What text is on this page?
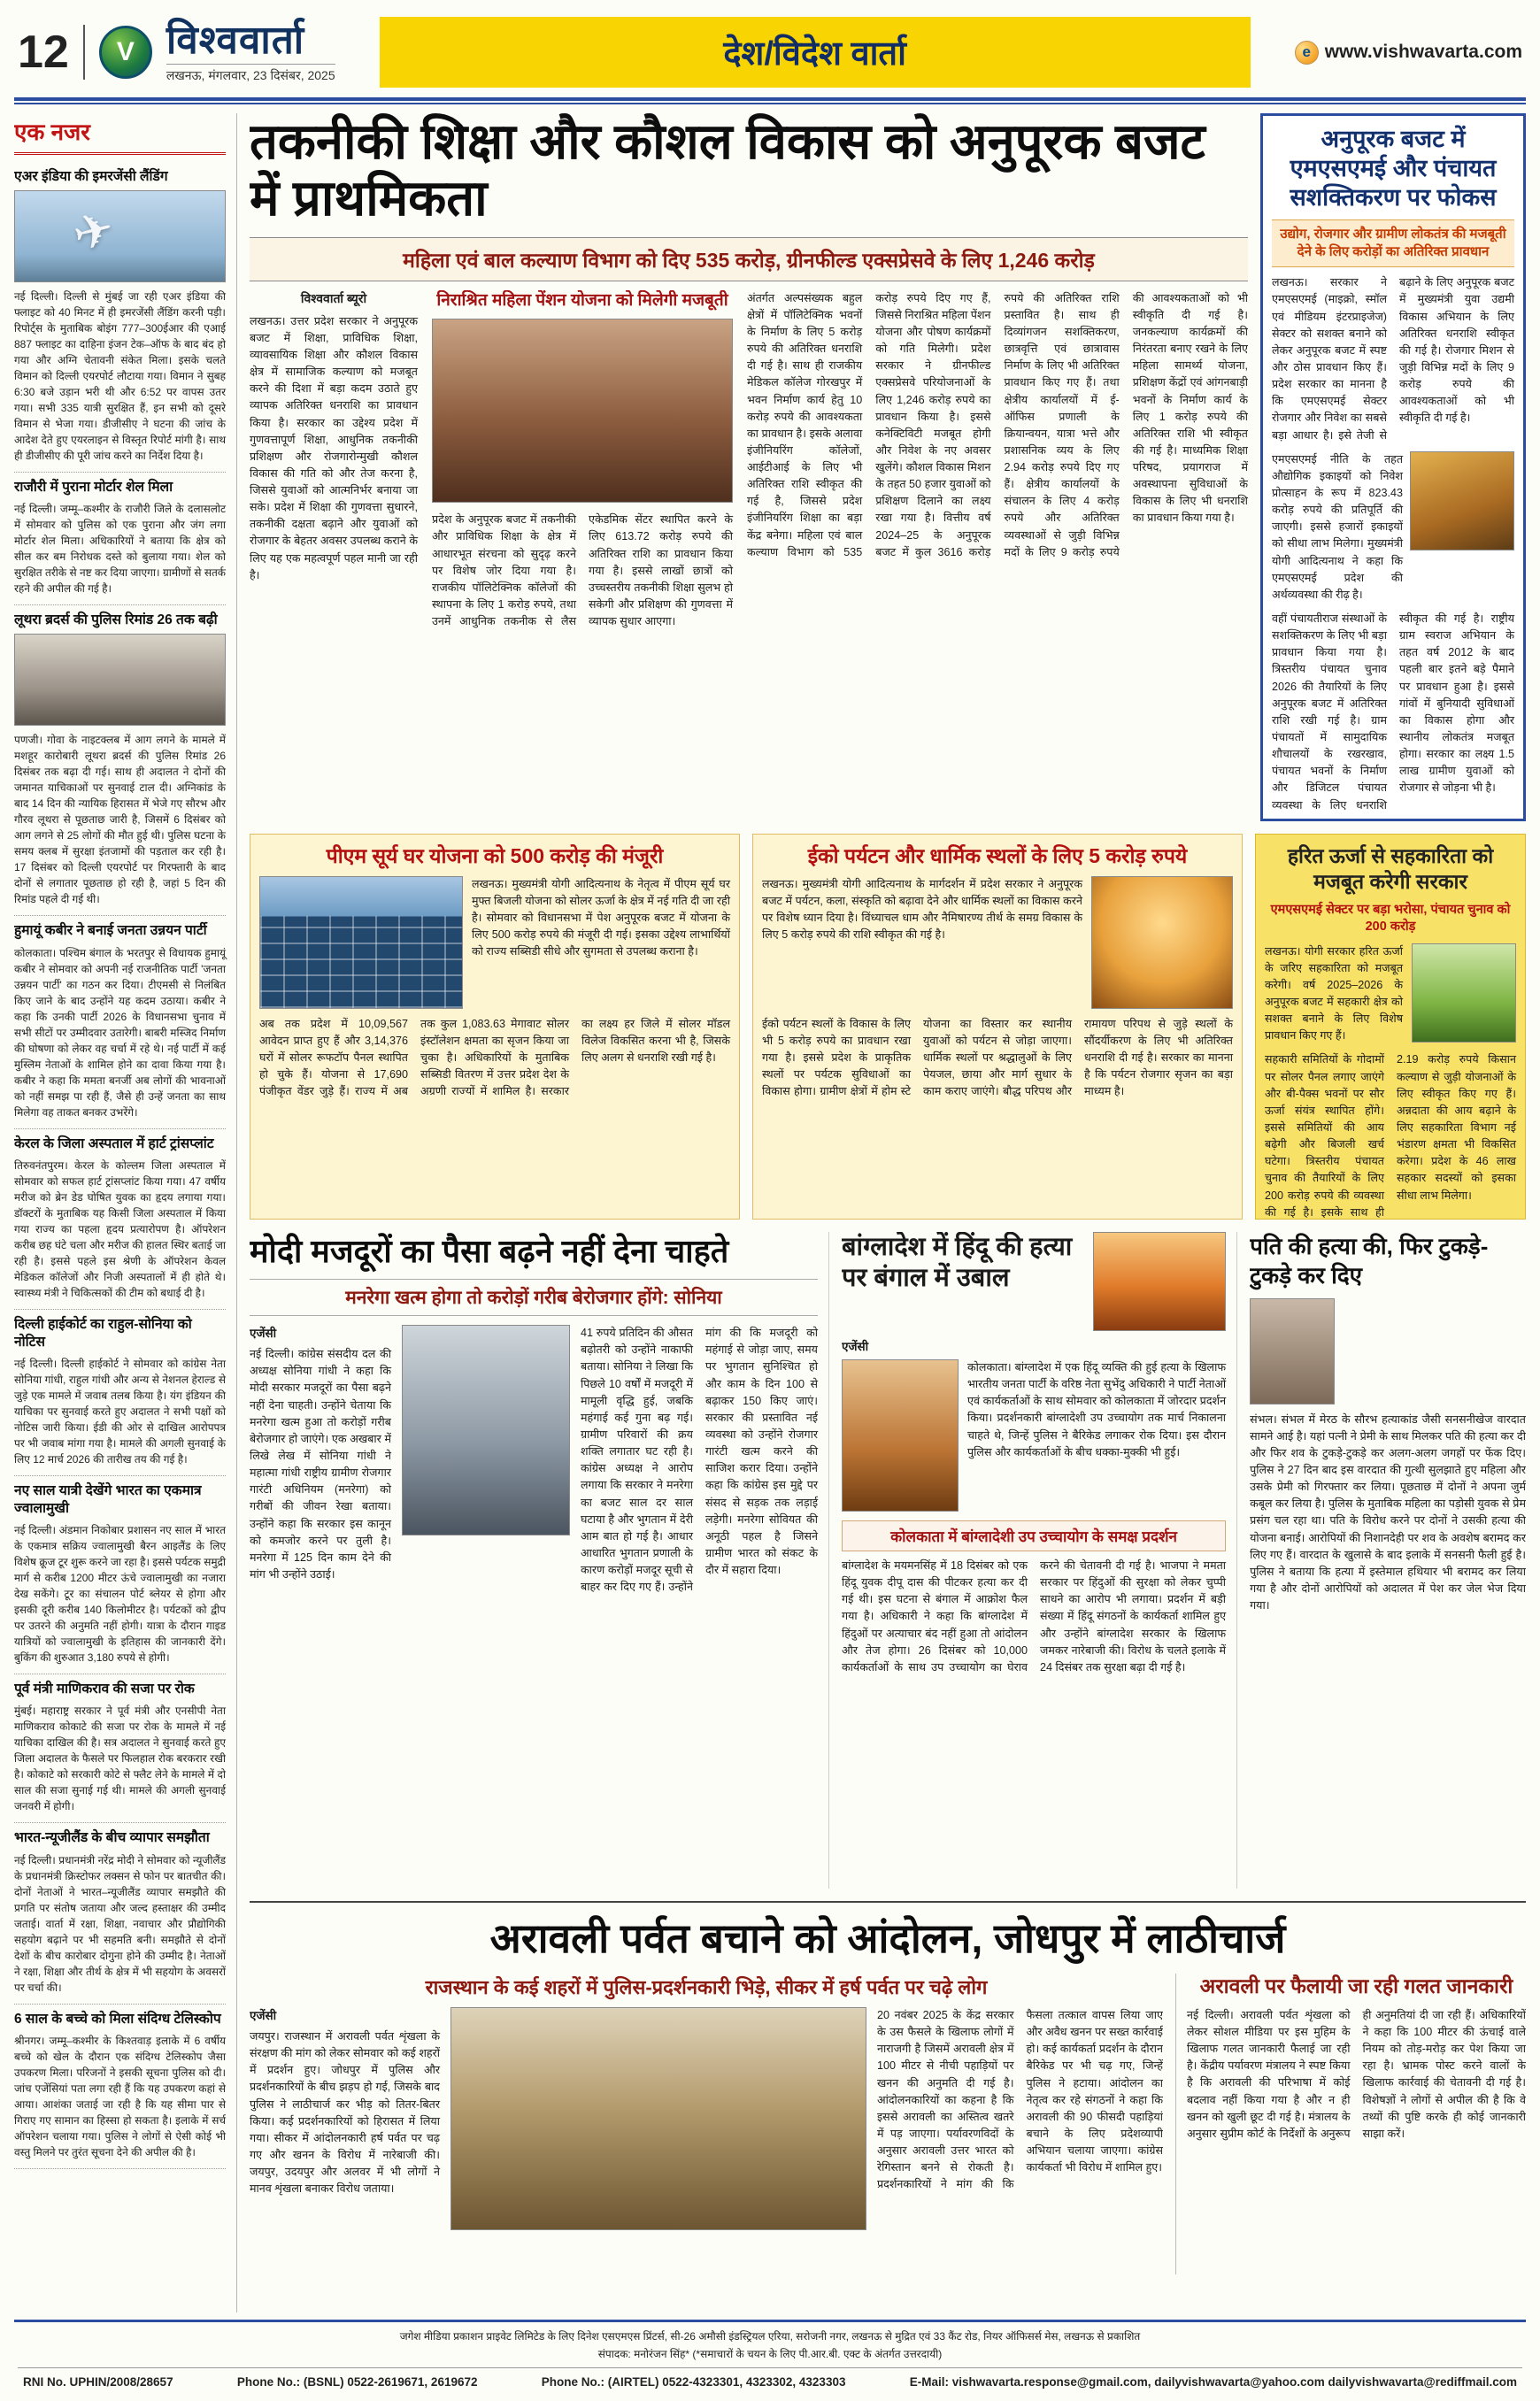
12 V विश्ववार्ता
लखनऊ, मंगलवार, 23 दिसंबर, 2025
देश/विदेश वार्ता	e www.vishwavarta.com
एक नजर
एअर इंडिया की इमरजेंसी लैंडिंग
✈

नई दिल्ली। दिल्ली से मुंबई जा रही एअर इंडिया की फ्लाइट को 40 मिनट में ही इमरजेंसी लैंडिंग करनी पड़ी। रिपोर्ट्स के मुताबिक बोइंग 777–300ईआर की एआई 887 फ्लाइट का दाहिना इंजन टेक–ऑफ के बाद बंद हो गया और अग्नि चेतावनी संकेत मिला। इसके चलते विमान को दिल्ली एयरपोर्ट लौटाया गया। विमान ने सुबह 6:30 बजे उड़ान भरी थी और 6:52 पर वापस उतर गया। सभी 335 यात्री सुरक्षित हैं, इन सभी को दूसरे विमान से भेजा गया। डीजीसीए ने घटना की जांच के आदेश देते हुए एयरलाइन से विस्तृत रिपोर्ट मांगी है। साथ ही डीजीसीए की पूरी जांच करने का निर्देश दिया है।

राजौरी में पुराना मोर्टार शेल मिला

नई दिल्ली। जम्मू–कश्मीर के राजौरी जिले के दलासलोट में सोमवार को पुलिस को एक पुराना और जंग लगा मोर्टार शेल मिला। अधिकारियों ने बताया कि क्षेत्र को सील कर बम निरोधक दस्ते को बुलाया गया। शेल को सुरक्षित तरीके से नष्ट कर दिया जाएगा। ग्रामीणों से सतर्क रहने की अपील की गई है।

लूथरा ब्रदर्स की पुलिस रिमांड 26 तक बढ़ी

पणजी। गोवा के नाइटक्लब में आग लगने के मामले में मशहूर कारोबारी लूथरा ब्रदर्स की पुलिस रिमांड 26 दिसंबर तक बढ़ा दी गई। साथ ही अदालत ने दोनों की जमानत याचिकाओं पर सुनवाई टाल दी। अग्निकांड के बाद 14 दिन की न्यायिक हिरासत में भेजे गए सौरभ और गौरव लूथरा से पूछताछ जारी है, जिसमें 6 दिसंबर को आग लगने से 25 लोगों की मौत हुई थी। पुलिस घटना के समय क्लब में सुरक्षा इंतजामों की पड़ताल कर रही है। 17 दिसंबर को दिल्ली एयरपोर्ट पर गिरफ्तारी के बाद दोनों से लगातार पूछताछ हो रही है, जहां 5 दिन की रिमांड पहले दी गई थी।

हुमायूं कबीर ने बनाई जनता उन्नयन पार्टी

कोलकाता। पश्चिम बंगाल के भरतपुर से विधायक हुमायूं कबीर ने सोमवार को अपनी नई राजनीतिक पार्टी 'जनता उन्नयन पार्टी' का गठन कर दिया। टीएमसी से निलंबित किए जाने के बाद उन्होंने यह कदम उठाया। कबीर ने कहा कि उनकी पार्टी 2026 के विधानसभा चुनाव में सभी सीटों पर उम्मीदवार उतारेगी। बाबरी मस्जिद निर्माण की घोषणा को लेकर वह चर्चा में रहे थे। नई पार्टी में कई मुस्लिम नेताओं के शामिल होने का दावा किया गया है। कबीर ने कहा कि ममता बनर्जी अब लोगों की भावनाओं को नहीं समझ पा रही हैं, जैसे ही उन्हें जनता का साथ मिलेगा वह ताकत बनकर उभरेंगे।

केरल के जिला अस्पताल में हार्ट ट्रांसप्लांट

तिरुवनंतपुरम। केरल के कोल्लम जिला अस्पताल में सोमवार को सफल हार्ट ट्रांसप्लांट किया गया। 47 वर्षीय मरीज को ब्रेन डेड घोषित युवक का हृदय लगाया गया। डॉक्टरों के मुताबिक यह किसी जिला अस्पताल में किया गया राज्य का पहला हृदय प्रत्यारोपण है। ऑपरेशन करीब छह घंटे चला और मरीज की हालत स्थिर बताई जा रही है। इससे पहले इस श्रेणी के ऑपरेशन केवल मेडिकल कॉलेजों और निजी अस्पतालों में ही होते थे। स्वास्थ्य मंत्री ने चिकित्सकों की टीम को बधाई दी है।

दिल्ली हाईकोर्ट का राहुल-सोनिया को नोटिस

नई दिल्ली। दिल्ली हाईकोर्ट ने सोमवार को कांग्रेस नेता सोनिया गांधी, राहुल गांधी और अन्य से नेशनल हेराल्ड से जुड़े एक मामले में जवाब तलब किया है। यंग इंडियन की याचिका पर सुनवाई करते हुए अदालत ने सभी पक्षों को नोटिस जारी किया। ईडी की ओर से दाखिल आरोपपत्र पर भी जवाब मांगा गया है। मामले की अगली सुनवाई के लिए 12 मार्च 2026 की तारीख तय की गई है।

नए साल यात्री देखेंगे भारत का एकमात्र ज्वालामुखी

नई दिल्ली। अंडमान निकोबार प्रशासन नए साल में भारत के एकमात्र सक्रिय ज्वालामुखी बैरन आइलैंड के लिए विशेष क्रूज टूर शुरू करने जा रहा है। इससे पर्यटक समुद्री मार्ग से करीब 1200 मीटर ऊंचे ज्वालामुखी का नजारा देख सकेंगे। टूर का संचालन पोर्ट ब्लेयर से होगा और इसकी दूरी करीब 140 किलोमीटर है। पर्यटकों को द्वीप पर उतरने की अनुमति नहीं होगी। यात्रा के दौरान गाइड यात्रियों को ज्वालामुखी के इतिहास की जानकारी देंगे। बुकिंग की शुरुआत 3,180 रुपये से होगी।

पूर्व मंत्री माणिकराव की सजा पर रोक

मुंबई। महाराष्ट्र सरकार ने पूर्व मंत्री और एनसीपी नेता माणिकराव कोकाटे की सजा पर रोक के मामले में नई याचिका दाखिल की है। सत्र अदालत ने सुनवाई करते हुए जिला अदालत के फैसले पर फिलहाल रोक बरकरार रखी है। कोकाटे को सरकारी कोटे से फ्लैट लेने के मामले में दो साल की सजा सुनाई गई थी। मामले की अगली सुनवाई जनवरी में होगी।

भारत-न्यूजीलैंड के बीच व्यापार समझौता

नई दिल्ली। प्रधानमंत्री नरेंद्र मोदी ने सोमवार को न्यूजीलैंड के प्रधानमंत्री क्रिस्टोफर लक्सन से फोन पर बातचीत की। दोनों नेताओं ने भारत–न्यूजीलैंड व्यापार समझौते की प्रगति पर संतोष जताया और जल्द हस्ताक्षर की उम्मीद जताई। वार्ता में रक्षा, शिक्षा, नवाचार और प्रौद्योगिकी सहयोग बढ़ाने पर भी सहमति बनी। समझौते से दोनों देशों के बीच कारोबार दोगुना होने की उम्मीद है। नेताओं ने रक्षा, शिक्षा और तीर्थ के क्षेत्र में भी सहयोग के अवसरों पर चर्चा की।

6 साल के बच्चे को मिला संदिग्ध टेलिस्कोप

श्रीनगर। जम्मू–कश्मीर के किश्तवाड़ इलाके में 6 वर्षीय बच्चे को खेल के दौरान एक संदिग्ध टेलिस्कोप जैसा उपकरण मिला। परिजनों ने इसकी सूचना पुलिस को दी। जांच एजेंसियां पता लगा रही हैं कि यह उपकरण कहां से आया। आशंका जताई जा रही है कि यह सीमा पार से गिराए गए सामान का हिस्सा हो सकता है। इलाके में सर्च ऑपरेशन चलाया गया। पुलिस ने लोगों से ऐसी कोई भी वस्तु मिलने पर तुरंत सूचना देने की अपील की है।

तकनीकी शिक्षा और कौशल विकास को अनुपूरक बजट में प्राथमिकता
महिला एवं बाल कल्याण विभाग को दिए 535 करोड़, ग्रीनफील्ड एक्सप्रेसवे के लिए 1,246 करोड़
विश्ववार्ता ब्यूरो

लखनऊ। उत्तर प्रदेश सरकार ने अनुपूरक बजट में शिक्षा, प्राविधिक शिक्षा, व्यावसायिक शिक्षा और कौशल विकास क्षेत्र में सामाजिक कल्याण को मजबूत करने की दिशा में बड़ा कदम उठाते हुए व्यापक अतिरिक्त धनराशि का प्रावधान किया है। सरकार का उद्देश्य प्रदेश में गुणवत्तापूर्ण शिक्षा, आधुनिक तकनीकी प्रशिक्षण और रोजगारोन्मुखी कौशल विकास की गति को और तेज करना है, जिससे युवाओं को आत्मनिर्भर बनाया जा सके। प्रदेश में शिक्षा की गुणवत्ता सुधारने, तकनीकी दक्षता बढ़ाने और युवाओं को रोजगार के बेहतर अवसर उपलब्ध कराने के लिए यह एक महत्वपूर्ण पहल मानी जा रही है।

निराश्रित महिला पेंशन योजना को मिलेगी मजबूती

प्रदेश के अनुपूरक बजट में तकनीकी और प्राविधिक शिक्षा के क्षेत्र में आधारभूत संरचना को सुदृढ़ करने पर विशेष जोर दिया गया है। राजकीय पॉलिटेक्निक कॉलेजों की स्थापना के लिए 1 करोड़ रुपये, तथा उनमें आधुनिक तकनीक से लैस एकेडमिक सेंटर स्थापित करने के लिए 613.72 करोड़ रुपये की अतिरिक्त राशि का प्रावधान किया गया है। इससे लाखों छात्रों को उच्चस्तरीय तकनीकी शिक्षा सुलभ हो सकेगी और प्रशिक्षण की गुणवत्ता में व्यापक सुधार आएगा।

अंतर्गत अल्पसंख्यक बहुल क्षेत्रों में पॉलिटेक्निक भवनों के निर्माण के लिए 5 करोड़ रुपये की अतिरिक्त धनराशि दी गई है। साथ ही राजकीय मेडिकल कॉलेज गोरखपुर में भवन निर्माण कार्य हेतु 10 करोड़ रुपये की आवश्यकता का प्रावधान है। इसके अलावा इंजीनियरिंग कॉलेजों, आईटीआई के लिए भी अतिरिक्त राशि स्वीकृत की गई है, जिससे प्रदेश इंजीनियरिंग शिक्षा का बड़ा केंद्र बनेगा। महिला एवं बाल कल्याण विभाग को 535 करोड़ रुपये दिए गए हैं, जिससे निराश्रित महिला पेंशन योजना और पोषण कार्यक्रमों को गति मिलेगी। प्रदेश सरकार ने ग्रीनफील्ड एक्सप्रेसवे परियोजनाओं के लिए 1,246 करोड़ रुपये का प्रावधान किया है। इससे कनेक्टिविटी मजबूत होगी और निवेश के नए अवसर खुलेंगे। कौशल विकास मिशन के तहत 50 हजार युवाओं को प्रशिक्षण दिलाने का लक्ष्य रखा गया है। वित्तीय वर्ष 2024–25 के अनुपूरक बजट में कुल 3616 करोड़ रुपये की अतिरिक्त राशि प्रस्तावित है। साथ ही दिव्यांगजन सशक्तिकरण, छात्रवृत्ति एवं छात्रावास निर्माण के लिए भी अतिरिक्त प्रावधान किए गए हैं। तथा क्षेत्रीय कार्यालयों में ई-ऑफिस प्रणाली के क्रियान्वयन, यात्रा भत्ते और प्रशासनिक व्यय के लिए 2.94 करोड़ रुपये दिए गए हैं। क्षेत्रीय कार्यालयों के संचालन के लिए 4 करोड़ रुपये और अतिरिक्त व्यवस्थाओं से जुड़ी विभिन्न मदों के लिए 9 करोड़ रुपये की आवश्यकताओं को भी स्वीकृति दी गई है। जनकल्याण कार्यक्रमों की निरंतरता बनाए रखने के लिए महिला सामर्थ्य योजना, प्रशिक्षण केंद्रों एवं आंगनबाड़ी भवनों के निर्माण कार्य के लिए 1 करोड़ रुपये की अतिरिक्त राशि भी स्वीकृत की गई है। माध्यमिक शिक्षा परिषद, प्रयागराज में अवस्थापना सुविधाओं के विकास के लिए भी धनराशि का प्रावधान किया गया है।

अनुपूरक बजट में एमएसएमई और पंचायत सशक्तिकरण पर फोकस
उद्योग, रोजगार और ग्रामीण लोकतंत्र की मजबूती देने के लिए करोड़ों का अतिरिक्त प्रावधान

लखनऊ। सरकार ने एमएसएमई (माइक्रो, स्मॉल एवं मीडियम इंटरप्राइजेज) सेक्टर को सशक्त बनाने को लेकर अनुपूरक बजट में स्पष्ट और ठोस प्रावधान किए हैं। प्रदेश सरकार का मानना है कि एमएसएमई सेक्टर रोजगार और निवेश का सबसे बड़ा आधार है। इसे तेजी से बढ़ाने के लिए अनुपूरक बजट में मुख्यमंत्री युवा उद्यमी विकास अभियान के लिए अतिरिक्त धनराशि स्वीकृत की गई है। रोजगार मिशन से जुड़ी विभिन्न मदों के लिए 9 करोड़ रुपये की आवश्यकताओं को भी स्वीकृति दी गई है।

एमएसएमई नीति के तहत औद्योगिक इकाइयों को निवेश प्रोत्साहन के रूप में 823.43 करोड़ रुपये की प्रतिपूर्ति की जाएगी। इससे हजारों इकाइयों को सीधा लाभ मिलेगा। मुख्यमंत्री योगी आदित्यनाथ ने कहा कि एमएसएमई प्रदेश की अर्थव्यवस्था की रीढ़ है।

वहीं पंचायतीराज संस्थाओं के सशक्तिकरण के लिए भी बड़ा प्रावधान किया गया है। त्रिस्तरीय पंचायत चुनाव 2026 की तैयारियों के लिए अनुपूरक बजट में अतिरिक्त राशि रखी गई है। ग्राम पंचायतों में सामुदायिक शौचालयों के रखरखाव, पंचायत भवनों के निर्माण और डिजिटल पंचायत व्यवस्था के लिए धनराशि स्वीकृत की गई है। राष्ट्रीय ग्राम स्वराज अभियान के तहत वर्ष 2012 के बाद पहली बार इतने बड़े पैमाने पर प्रावधान हुआ है। इससे गांवों में बुनियादी सुविधाओं का विकास होगा और स्थानीय लोकतंत्र मजबूत होगा। सरकार का लक्ष्य 1.5 लाख ग्रामीण युवाओं को रोजगार से जोड़ना भी है।

पीएम सूर्य घर योजना को 500 करोड़ की मंजूरी

लखनऊ। मुख्यमंत्री योगी आदित्यनाथ के नेतृत्व में पीएम सूर्य घर मुफ्त बिजली योजना को सोलर ऊर्जा के क्षेत्र में नई गति दी जा रही है। सोमवार को विधानसभा में पेश अनुपूरक बजट में योजना के लिए 500 करोड़ रुपये की मंजूरी दी गई। इसका उद्देश्य लाभार्थियों को राज्य सब्सिडी सीधे और सुगमता से उपलब्ध कराना है।

अब तक प्रदेश में 10,09,567 आवेदन प्राप्त हुए हैं और 3,14,376 घरों में सोलर रूफटॉप पैनल स्थापित हो चुके हैं। योजना से 17,690 पंजीकृत वेंडर जुड़े हैं। राज्य में अब तक कुल 1,083.63 मेगावाट सोलर इंस्टॉलेशन क्षमता का सृजन किया जा चुका है। अधिकारियों के मुताबिक सब्सिडी वितरण में उत्तर प्रदेश देश के अग्रणी राज्यों में शामिल है। सरकार का लक्ष्य हर जिले में सोलर मॉडल विलेज विकसित करना भी है, जिसके लिए अलग से धनराशि रखी गई है।

ईको पर्यटन और धार्मिक स्थलों के लिए 5 करोड़ रुपये

लखनऊ। मुख्यमंत्री योगी आदित्यनाथ के मार्गदर्शन में प्रदेश सरकार ने अनुपूरक बजट में पर्यटन, कला, संस्कृति को बढ़ावा देने और धार्मिक स्थलों का विकास करने पर विशेष ध्यान दिया है। विंध्याचल धाम और नैमिषारण्य तीर्थ के समग्र विकास के लिए 5 करोड़ रुपये की राशि स्वीकृत की गई है।

ईको पर्यटन स्थलों के विकास के लिए भी 5 करोड़ रुपये का प्रावधान रखा गया है। इससे प्रदेश के प्राकृतिक स्थलों पर पर्यटक सुविधाओं का विकास होगा। ग्रामीण क्षेत्रों में होम स्टे योजना का विस्तार कर स्थानीय युवाओं को पर्यटन से जोड़ा जाएगा। धार्मिक स्थलों पर श्रद्धालुओं के लिए पेयजल, छाया और मार्ग सुधार के काम कराए जाएंगे। बौद्ध परिपथ और रामायण परिपथ से जुड़े स्थलों के सौंदर्यीकरण के लिए भी अतिरिक्त धनराशि दी गई है। सरकार का मानना है कि पर्यटन रोजगार सृजन का बड़ा माध्यम है।

हरित ऊर्जा से सहकारिता को मजबूत करेगी सरकार
एमएसएमई सेक्टर पर बड़ा भरोसा, पंचायत चुनाव को 200 करोड़

लखनऊ। योगी सरकार हरित ऊर्जा के जरिए सहकारिता को मजबूत करेगी। वर्ष 2025–2026 के अनुपूरक बजट में सहकारी क्षेत्र को सशक्त बनाने के लिए विशेष प्रावधान किए गए हैं।

सहकारी समितियों के गोदामों पर सोलर पैनल लगाए जाएंगे और बी-पैक्स भवनों पर सौर ऊर्जा संयंत्र स्थापित होंगे। इससे समितियों की आय बढ़ेगी और बिजली खर्च घटेगा। त्रिस्तरीय पंचायत चुनाव की तैयारियों के लिए 200 करोड़ रुपये की व्यवस्था की गई है। इसके साथ ही 2.19 करोड़ रुपये किसान कल्याण से जुड़ी योजनाओं के लिए स्वीकृत किए गए हैं। अन्नदाता की आय बढ़ाने के लिए सहकारिता विभाग नई भंडारण क्षमता भी विकसित करेगा। प्रदेश के 46 लाख सहकार सदस्यों को इसका सीधा लाभ मिलेगा।

मोदी मजदूरों का पैसा बढ़ने नहीं देना चाहते
मनरेगा खत्म होगा तो करोड़ों गरीब बेरोजगार होंगे: सोनिया
एजेंसी

नई दिल्ली। कांग्रेस संसदीय दल की अध्यक्ष सोनिया गांधी ने कहा कि मोदी सरकार मजदूरों का पैसा बढ़ने नहीं देना चाहती। उन्होंने चेताया कि मनरेगा खत्म हुआ तो करोड़ों गरीब बेरोजगार हो जाएंगे। एक अखबार में लिखे लेख में सोनिया गांधी ने महात्मा गांधी राष्ट्रीय ग्रामीण रोजगार गारंटी अधिनियम (मनरेगा) को गरीबों की जीवन रेखा बताया। उन्होंने कहा कि सरकार इस कानून को कमजोर करने पर तुली है। मनरेगा में 125 दिन काम देने की मांग भी उन्होंने उठाई।

41 रुपये प्रतिदिन की औसत बढ़ोतरी को उन्होंने नाकाफी बताया। सोनिया ने लिखा कि पिछले 10 वर्षों में मजदूरी में मामूली वृद्धि हुई, जबकि महंगाई कई गुना बढ़ गई। ग्रामीण परिवारों की क्रय शक्ति लगातार घट रही है। कांग्रेस अध्यक्ष ने आरोप लगाया कि सरकार ने मनरेगा का बजट साल दर साल घटाया है और भुगतान में देरी आम बात हो गई है। आधार आधारित भुगतान प्रणाली के कारण करोड़ों मजदूर सूची से बाहर कर दिए गए हैं। उन्होंने मांग की कि मजदूरी को महंगाई से जोड़ा जाए, समय पर भुगतान सुनिश्चित हो और काम के दिन 100 से बढ़ाकर 150 किए जाएं। सरकार की प्रस्तावित नई व्यवस्था को उन्होंने रोजगार गारंटी खत्म करने की साजिश करार दिया। उन्होंने कहा कि कांग्रेस इस मुद्दे पर संसद से सड़क तक लड़ाई लड़ेगी। मनरेगा सोवियत की अनूठी पहल है जिसने ग्रामीण भारत को संकट के दौर में सहारा दिया।

बांग्लादेश में हिंदू की हत्या पर बंगाल में उबाल
एजेंसी

कोलकाता। बांग्लादेश में एक हिंदू व्यक्ति की हुई हत्या के खिलाफ भारतीय जनता पार्टी के वरिष्ठ नेता सुभेंदु अधिकारी ने पार्टी नेताओं एवं कार्यकर्ताओं के साथ सोमवार को कोलकाता में जोरदार प्रदर्शन किया। प्रदर्शनकारी बांग्लादेशी उप उच्चायोग तक मार्च निकालना चाहते थे, जिन्हें पुलिस ने बैरिकेड लगाकर रोक दिया। इस दौरान पुलिस और कार्यकर्ताओं के बीच धक्का-मुक्की भी हुई।

कोलकाता में बांग्लादेशी उप उच्चायोग के समक्ष प्रदर्शन

बांग्लादेश के मयमनसिंह में 18 दिसंबर को एक हिंदू युवक दीपू दास की पीटकर हत्या कर दी गई थी। इस घटना से बंगाल में आक्रोश फैल गया है। अधिकारी ने कहा कि बांग्लादेश में हिंदुओं पर अत्याचार बंद नहीं हुआ तो आंदोलन और तेज होगा। 26 दिसंबर को 10,000 कार्यकर्ताओं के साथ उप उच्चायोग का घेराव करने की चेतावनी दी गई है। भाजपा ने ममता सरकार पर हिंदुओं की सुरक्षा को लेकर चुप्पी साधने का आरोप भी लगाया। प्रदर्शन में बड़ी संख्या में हिंदू संगठनों के कार्यकर्ता शामिल हुए और उन्होंने बांग्लादेश सरकार के खिलाफ जमकर नारेबाजी की। विरोध के चलते इलाके में 24 दिसंबर तक सुरक्षा बढ़ा दी गई है।

पति की हत्या की, फिर टुकड़े-टुकड़े कर दिए

संभल। संभल में मेरठ के सौरभ हत्याकांड जैसी सनसनीखेज वारदात सामने आई है। यहां पत्नी ने प्रेमी के साथ मिलकर पति की हत्या कर दी और फिर शव के टुकड़े-टुकड़े कर अलग-अलग जगहों पर फेंक दिए। पुलिस ने 27 दिन बाद इस वारदात की गुत्थी सुलझाते हुए महिला और उसके प्रेमी को गिरफ्तार कर लिया। पूछताछ में दोनों ने अपना जुर्म कबूल कर लिया है। पुलिस के मुताबिक महिला का पड़ोसी युवक से प्रेम प्रसंग चल रहा था। पति के विरोध करने पर दोनों ने उसकी हत्या की योजना बनाई। आरोपियों की निशानदेही पर शव के अवशेष बरामद कर लिए गए हैं। वारदात के खुलासे के बाद इलाके में सनसनी फैली हुई है। पुलिस ने बताया कि हत्या में इस्तेमाल हथियार भी बरामद कर लिया गया है और दोनों आरोपियों को अदालत में पेश कर जेल भेज दिया गया।

अरावली पर्वत बचाने को आंदोलन, जोधपुर में लाठीचार्ज
राजस्थान के कई शहरों में पुलिस-प्रदर्शनकारी भिड़े, सीकर में हर्ष पर्वत पर चढ़े लोग
एजेंसी

जयपुर। राजस्थान में अरावली पर्वत शृंखला के संरक्षण की मांग को लेकर सोमवार को कई शहरों में प्रदर्शन हुए। जोधपुर में पुलिस और प्रदर्शनकारियों के बीच झड़प हो गई, जिसके बाद पुलिस ने लाठीचार्ज कर भीड़ को तितर-बितर किया। कई प्रदर्शनकारियों को हिरासत में लिया गया। सीकर में आंदोलनकारी हर्ष पर्वत पर चढ़ गए और खनन के विरोध में नारेबाजी की। जयपुर, उदयपुर और अलवर में भी लोगों ने मानव शृंखला बनाकर विरोध जताया।

20 नवंबर 2025 के केंद्र सरकार के उस फैसले के खिलाफ लोगों में नाराजगी है जिसमें अरावली क्षेत्र में 100 मीटर से नीची पहाड़ियों पर खनन की अनुमति दी गई है। आंदोलनकारियों का कहना है कि इससे अरावली का अस्तित्व खतरे में पड़ जाएगा। पर्यावरणविदों के अनुसार अरावली उत्तर भारत को रेगिस्तान बनने से रोकती है। प्रदर्शनकारियों ने मांग की कि फैसला तत्काल वापस लिया जाए और अवैध खनन पर सख्त कार्रवाई हो। कई कार्यकर्ता प्रदर्शन के दौरान बैरिकेड पर भी चढ़ गए, जिन्हें पुलिस ने हटाया। आंदोलन का नेतृत्व कर रहे संगठनों ने कहा कि अरावली की 90 फीसदी पहाड़ियां बचाने के लिए प्रदेशव्यापी अभियान चलाया जाएगा। कांग्रेस कार्यकर्ता भी विरोध में शामिल हुए।

अरावली पर फैलायी जा रही गलत जानकारी

नई दिल्ली। अरावली पर्वत शृंखला को लेकर सोशल मीडिया पर इस मुहिम के खिलाफ गलत जानकारी फैलाई जा रही है। केंद्रीय पर्यावरण मंत्रालय ने स्पष्ट किया है कि अरावली की परिभाषा में कोई बदलाव नहीं किया गया है और न ही खनन को खुली छूट दी गई है। मंत्रालय के अनुसार सुप्रीम कोर्ट के निर्देशों के अनुरूप ही अनुमतियां दी जा रही हैं। अधिकारियों ने कहा कि 100 मीटर की ऊंचाई वाले नियम को तोड़-मरोड़ कर पेश किया जा रहा है। भ्रामक पोस्ट करने वालों के खिलाफ कार्रवाई की चेतावनी दी गई है। विशेषज्ञों ने लोगों से अपील की है कि वे तथ्यों की पुष्टि करके ही कोई जानकारी साझा करें।

जगेश मीडिया प्रकाशन प्राइवेट लिमिटेड के लिए दिनेश एसएमएस प्रिंटर्स, सी-26 अमौसी इंडस्ट्रियल एरिया, सरोजनी नगर, लखनऊ से मुद्रित एवं 33 कैंट रोड, नियर ऑफिसर्स मेस, लखनऊ से प्रकाशित
संपादक: मनोरंजन सिंह* (*समाचारों के चयन के लिए पी.आर.बी. एक्ट के अंतर्गत उत्तरदायी)
RNI No. UPHIN/2008/28657	Phone No.: (BSNL) 0522-2619671, 2619672	Phone No.: (AIRTEL) 0522-4323301, 4323302, 4323303	E-Mail: vishwavarta.response@gmail.com, dailyvishwavarta@yahoo.com dailyvishwavarta@rediffmail.com
